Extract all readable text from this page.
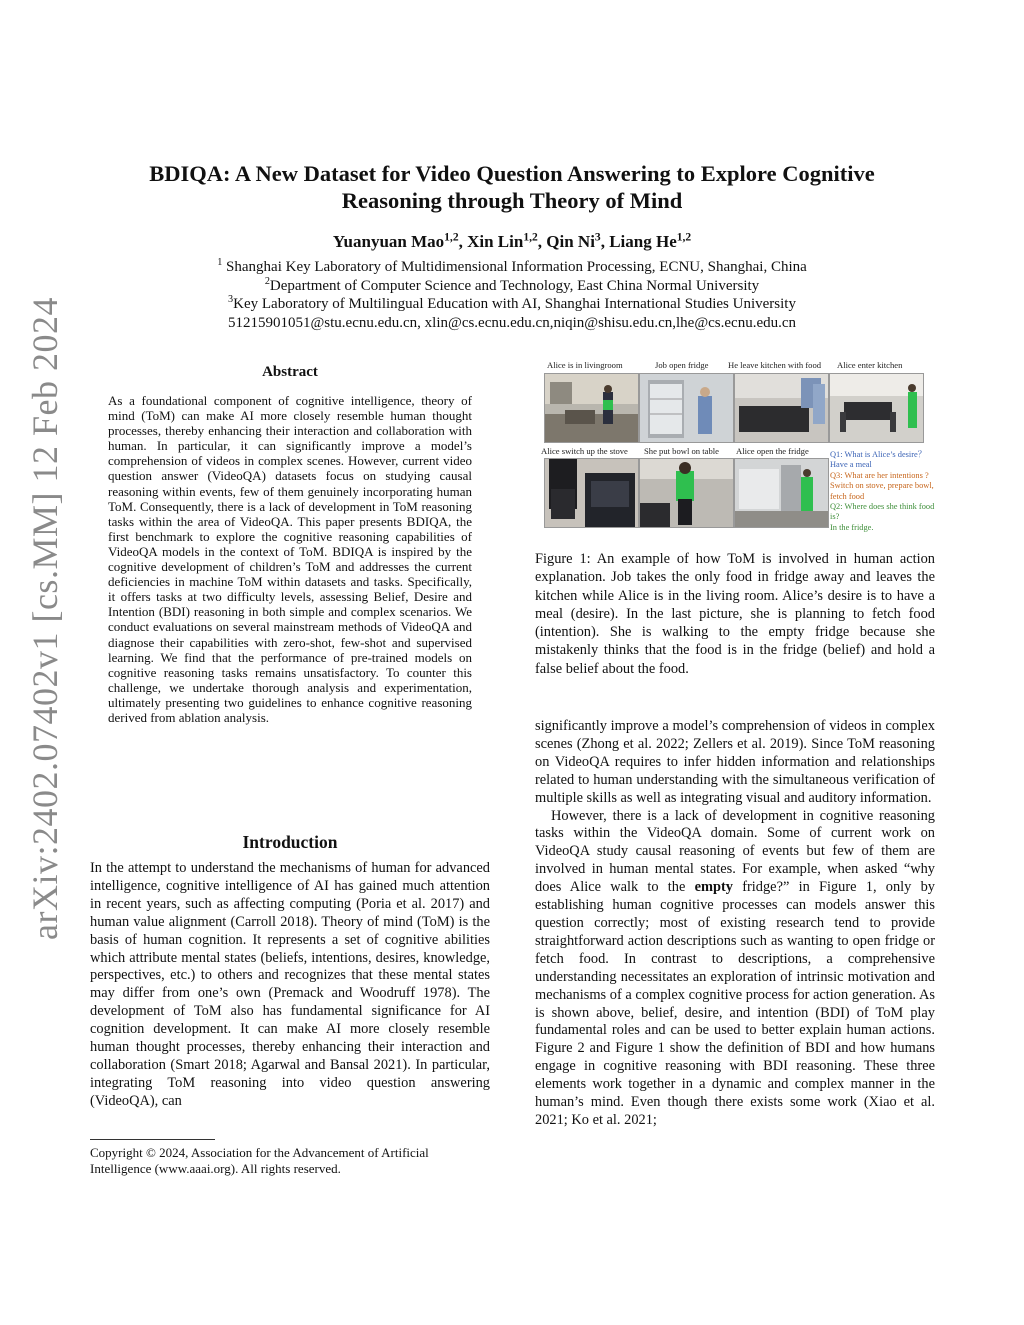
arXiv:2402.07402v1 [cs.MM] 12 Feb 2024
BDIQA: A New Dataset for Video Question Answering to Explore Cognitive
Reasoning through Theory of Mind
Yuanyuan Mao$^{1,2}$, Xin Lin$^{1,2}$, Qin Ni$^3$, Liang He$^{1,2}$
$^1$ Shanghai Key Laboratory of Multidimensional Information Processing, ECNU, Shanghai, China
$^2$Department of Computer Science and Technology, East China Normal University
$^3$Key Laboratory of Multilingual Education with AI, Shanghai International Studies University
51215901051@stu.ecnu.edu.cn, xlin@cs.ecnu.edu.cn,niqin@shisu.edu.cn,lhe@cs.ecnu.edu.cn
Abstract
As a foundational component of cognitive intelligence, theory of mind (ToM) can make AI more closely resemble human thought processes, thereby enhancing their interaction and collaboration with human. In particular, it can significantly improve a model’s comprehension of videos in complex scenes. However, current video question answer (VideoQA) datasets focus on studying causal reasoning within events, few of them genuinely incorporating human ToM. Consequently, there is a lack of development in ToM reasoning tasks within the area of VideoQA. This paper presents BDIQA, the first benchmark to explore the cognitive reasoning capabilities of VideoQA models in the context of ToM. BDIQA is inspired by the cognitive development of children’s ToM and addresses the current deficiencies in machine ToM within datasets and tasks. Specifically, it offers tasks at two difficulty levels, assessing Belief, Desire and Intention (BDI) reasoning in both simple and complex scenarios. We conduct evaluations on several mainstream methods of VideoQA and diagnose their capabilities with zero-shot, few-shot and supervised learning. We find that the performance of pre-trained models on cognitive reasoning tasks remains unsatisfactory. To counter this challenge, we undertake thorough analysis and experimentation, ultimately presenting two guidelines to enhance cognitive reasoning derived from ablation analysis.
Introduction
In the attempt to understand the mechanisms of human for advanced intelligence, cognitive intelligence of AI has gained much attention in recent years, such as affecting computing (Poria et al. 2017) and human value alignment (Carroll 2018). Theory of mind (ToM) is the basis of human cognition. It represents a set of cognitive abilities which attribute mental states (beliefs, intentions, desires, knowledge, perspectives, etc.) to others and recognizes that these mental states may differ from one’s own (Premack and Woodruff 1978). The development of ToM also has fundamental significance for AI cognition development. It can make AI more closely resemble human thought processes, thereby enhancing their interaction and collaboration (Smart 2018; Agarwal and Bansal 2021). In particular, integrating ToM reasoning into video question answering (VideoQA), can
Copyright © 2024, Association for the Advancement of Artificial Intelligence (www.aaai.org). All rights reserved.
Alice is in livingroom	Job open fridge He leave kitchen with food Alice enter kitchen
Alice switch up the stove She put bowl on table Alice open the fridge	Q1: What is Alice’s desire？
Have a meal
Q3: What are her intentions ?
Switch on stove, prepare bowl, fetch food
Q2: Where does she think food is?
In the fridge.
Figure 1: An example of how ToM is involved in human action explanation. Job takes the only food in fridge away and leaves the kitchen while Alice is in the living room. Alice’s desire is to have a meal (desire). In the last picture, she is planning to fetch food (intention). She is walking to the empty fridge because she mistakenly thinks that the food is in the fridge (belief) and hold a false belief about the food.

significantly improve a model’s comprehension of videos in complex scenes (Zhong et al. 2022; Zellers et al. 2019). Since ToM reasoning on VideoQA requires to infer hidden information and relationships related to human understanding with the simultaneous verification of multiple skills as well as integrating visual and auditory information.

However, there is a lack of development in cognitive reasoning tasks within the VideoQA domain. Some of current work on VideoQA study causal reasoning of events but few of them are involved in human mental states. For example, when asked “why does Alice walk to the empty fridge?” in Figure 1, only by establishing human cognitive processes can models answer this question correctly; most of existing research tend to provide straightforward action descriptions such as wanting to open fridge or fetch food. In contrast to descriptions, a comprehensive understanding necessitates an exploration of intrinsic motivation and mechanisms of a complex cognitive process for action generation. As is shown above, belief, desire, and intention (BDI) of ToM play fundamental roles and can be used to better explain human actions. Figure 2 and Figure 1 show the definition of BDI and how humans engage in cognitive reasoning with BDI reasoning. These three elements work together in a dynamic and complex manner in the human’s mind. Even though there exists some work (Xiao et al. 2021; Ko et al. 2021;
